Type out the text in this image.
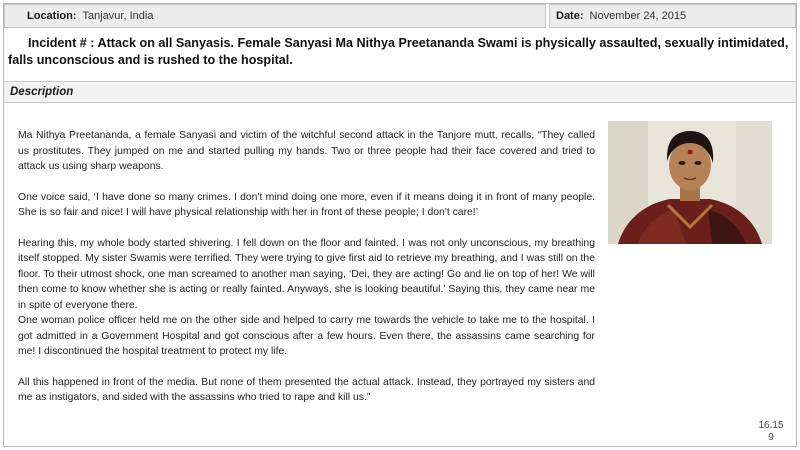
Location: Tanjavur, India	Date: November 24, 2015
Incident # : Attack on all Sanyasis. Female Sanyasi Ma Nithya Preetananda Swami is physically assaulted, sexually intimidated, falls unconscious and is rushed to the hospital.
Description

Ma Nithya Preetananda, a female Sanyasi and victim of the witchful second attack in the Tanjore mutt, recalls, “They called us prostitutes. They jumped on me and started pulling my hands. Two or three people had their face covered and tried to attack us using sharp weapons.

One voice said, ‘I have done so many crimes. I don't mind doing one more, even if it means doing it in front of many people. She is so fair and nice! I will have physical relationship with her in front of these people; I don't care!’

Hearing this, my whole body started shivering. I fell down on the floor and fainted. I was not only unconscious, my breathing itself stopped. My sister Swamis were terrified. They were trying to give first aid to retrieve my breathing, and I was still on the floor. To their utmost shock, one man screamed to another man saying, ‘Dei, they are acting! Go and lie on top of her! We will then come to know whether she is acting or really fainted. Anyways, she is looking beautiful.’ Saying this, they came near me in spite of everyone there.

One woman police officer held me on the other side and helped to carry me towards the vehicle to take me to the hospital. I got admitted in a Government Hospital and got conscious after a few hours. Even there, the assassins came searching for me! I discontinued the hospital treatment to protect my life.

All this happened in front of the media. But none of them presented the actual attack. Instead, they portrayed my sisters and me as instigators, and sided with the assassins who tried to rape and kill us.”

16.15
9
